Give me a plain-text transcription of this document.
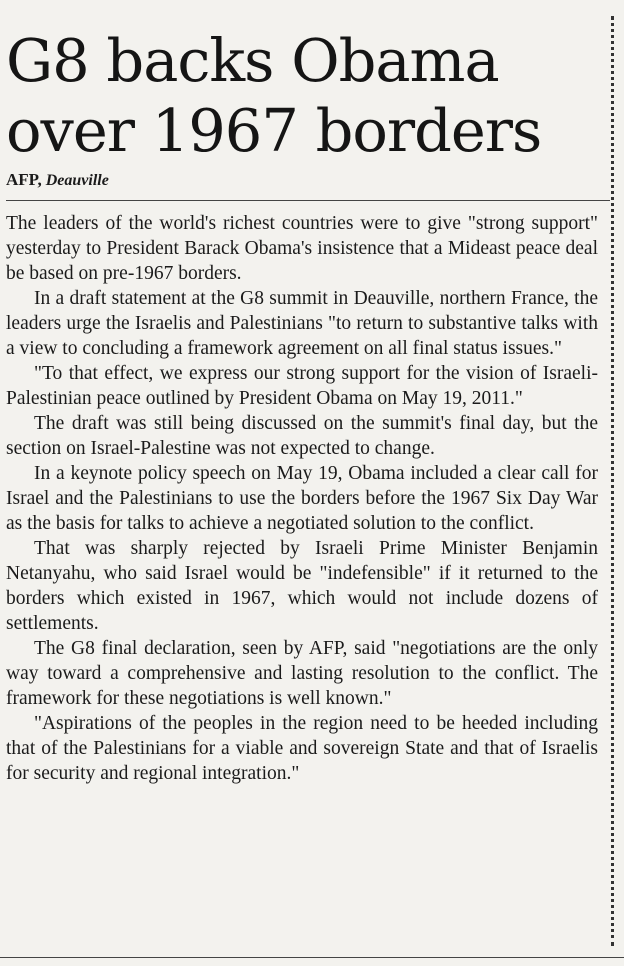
G8 backs Obama
over 1967 borders
AFP, Deauville

The leaders of the world's richest countries were to give "strong support" yesterday to President Barack Obama's insistence that a Mideast peace deal be based on pre-1967 borders.

In a draft statement at the G8 summit in Deauville, northern France, the leaders urge the Israelis and Palestinians "to return to substantive talks with a view to concluding a framework agreement on all final status issues."

"To that effect, we express our strong support for the vision of Israeli-Palestinian peace outlined by President Obama on May 19, 2011."

The draft was still being discussed on the summit's final day, but the section on Israel-Palestine was not expected to change.

In a keynote policy speech on May 19, Obama included a clear call for Israel and the Palestinians to use the borders before the 1967 Six Day War as the basis for talks to achieve a negotiated solution to the conflict.

That was sharply rejected by Israeli Prime Minister Benjamin Netanyahu, who said Israel would be "indefensible" if it returned to the borders which existed in 1967, which would not include dozens of settlements.

The G8 final declaration, seen by AFP, said "negotiations are the only way toward a comprehensive and lasting resolution to the conflict. The framework for these negotiations is well known."

"Aspirations of the peoples in the region need to be heeded including that of the Palestinians for a viable and sovereign State and that of Israelis for security and regional integration."
